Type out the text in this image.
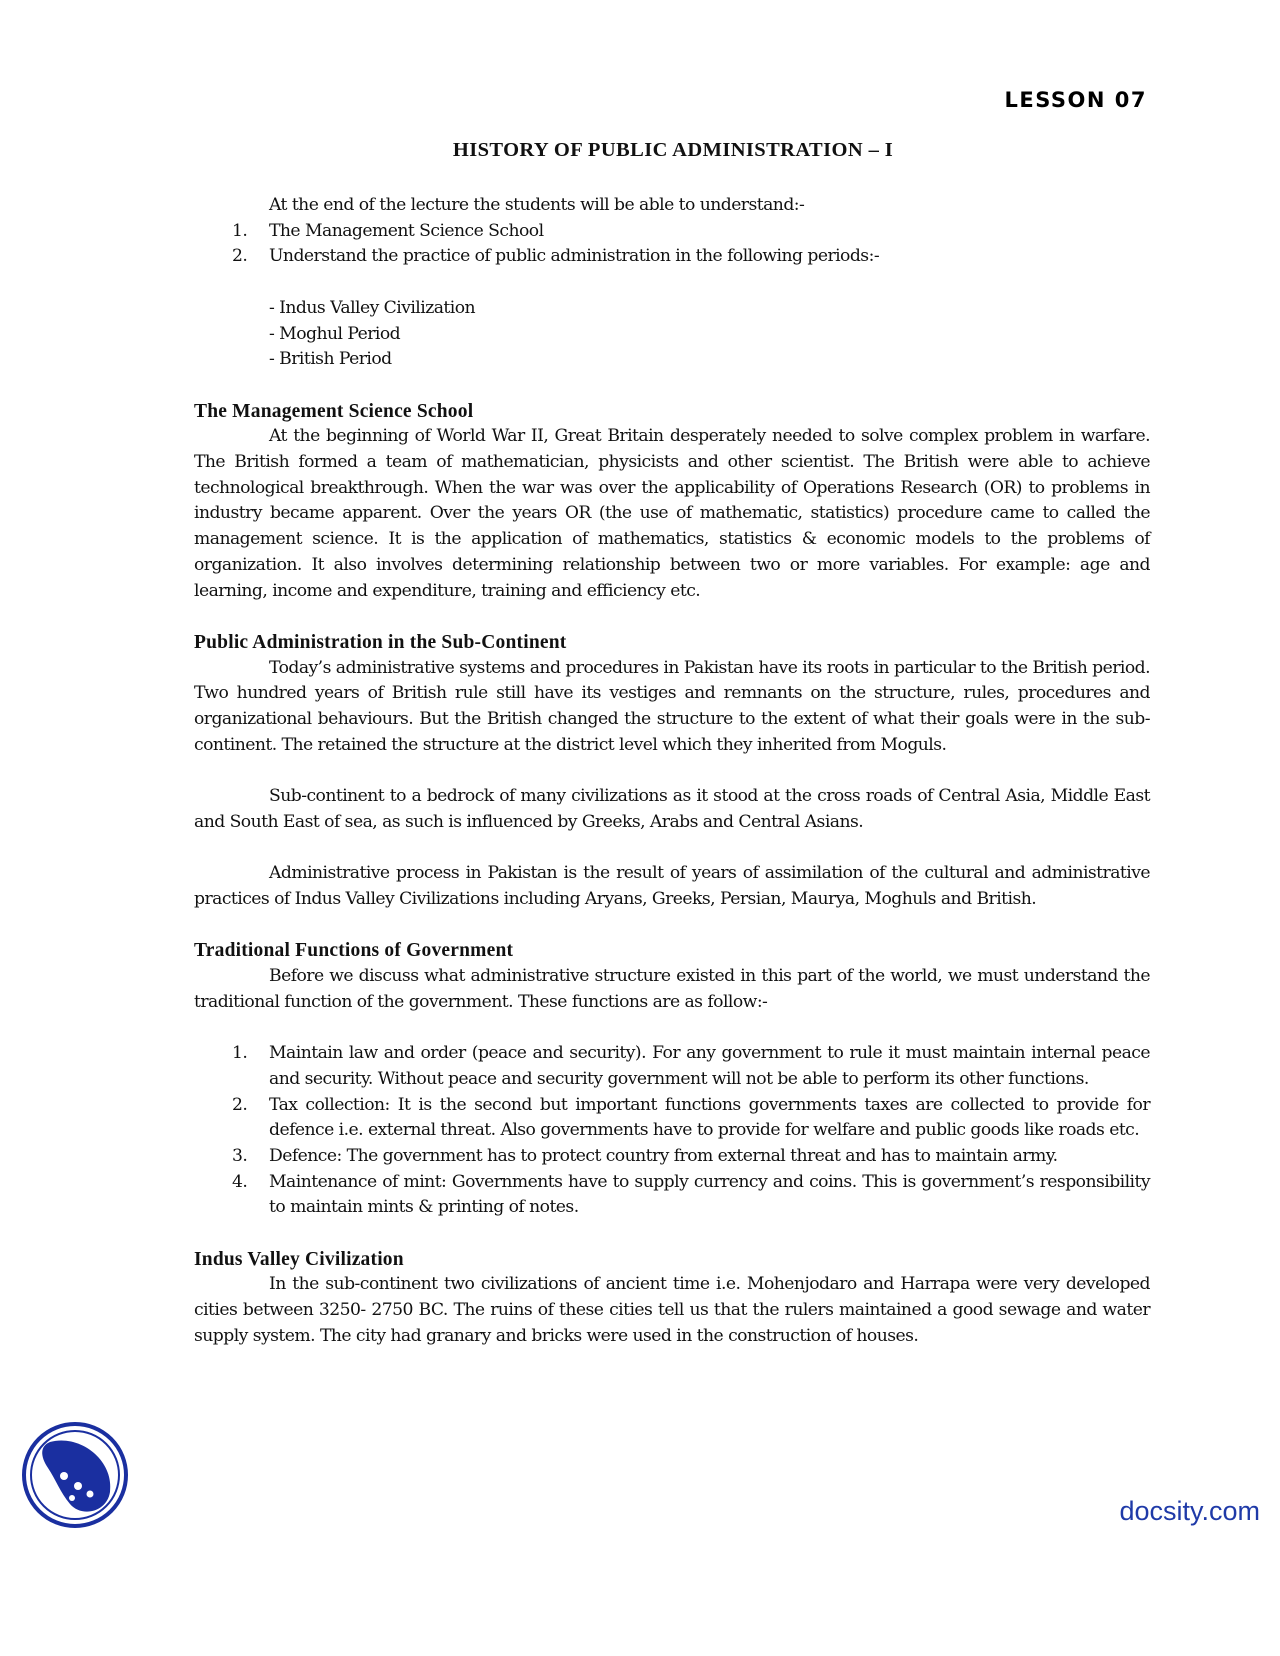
LESSON 07
HISTORY OF PUBLIC ADMINISTRATION – I

At the end of the lecture the students will be able to understand:-

1. The Management Science School
2. Understand the practice of public administration in the following periods:-
- Indus Valley Civilization
- Moghul Period
- British Period

The Management Science School

At the beginning of World War II, Great Britain desperately needed to solve complex problem in warfare. The British formed a team of mathematician, physicists and other scientist. The British were able to achieve technological breakthrough. When the war was over the applicability of Operations Research (OR) to problems in industry became apparent. Over the years OR (the use of mathematic, statistics) procedure came to called the management science. It is the application of mathematics, statistics & economic models to the problems of organization. It also involves determining relationship between two or more variables. For example: age and learning, income and expenditure, training and efficiency etc.

Public Administration in the Sub-Continent

Today’s administrative systems and procedures in Pakistan have its roots in particular to the British period. Two hundred years of British rule still have its vestiges and remnants on the structure, rules, procedures and organizational behaviours. But the British changed the structure to the extent of what their goals were in the sub-continent. The retained the structure at the district level which they inherited from Moguls.

Sub-continent to a bedrock of many civilizations as it stood at the cross roads of Central Asia, Middle East and South East of sea, as such is influenced by Greeks, Arabs and Central Asians.

Administrative process in Pakistan is the result of years of assimilation of the cultural and administrative practices of Indus Valley Civilizations including Aryans, Greeks, Persian, Maurya, Moghuls and British.

Traditional Functions of Government

Before we discuss what administrative structure existed in this part of the world, we must understand the traditional function of the government. These functions are as follow:-

1. Maintain law and order (peace and security). For any government to rule it must maintain internal peace and security. Without peace and security government will not be able to perform its other functions.
2. Tax collection: It is the second but important functions governments taxes are collected to provide for defence i.e. external threat. Also governments have to provide for welfare and public goods like roads etc.
3. Defence: The government has to protect country from external threat and has to maintain army.
4. Maintenance of mint: Governments have to supply currency and coins. This is government’s responsibility to maintain mints & printing of notes.

Indus Valley Civilization

In the sub-continent two civilizations of ancient time i.e. Mohenjodaro and Harrapa were very developed cities between 3250- 2750 BC. The ruins of these cities tell us that the rulers maintained a good sewage and water supply system. The city had granary and bricks were used in the construction of houses.

docsity.com
